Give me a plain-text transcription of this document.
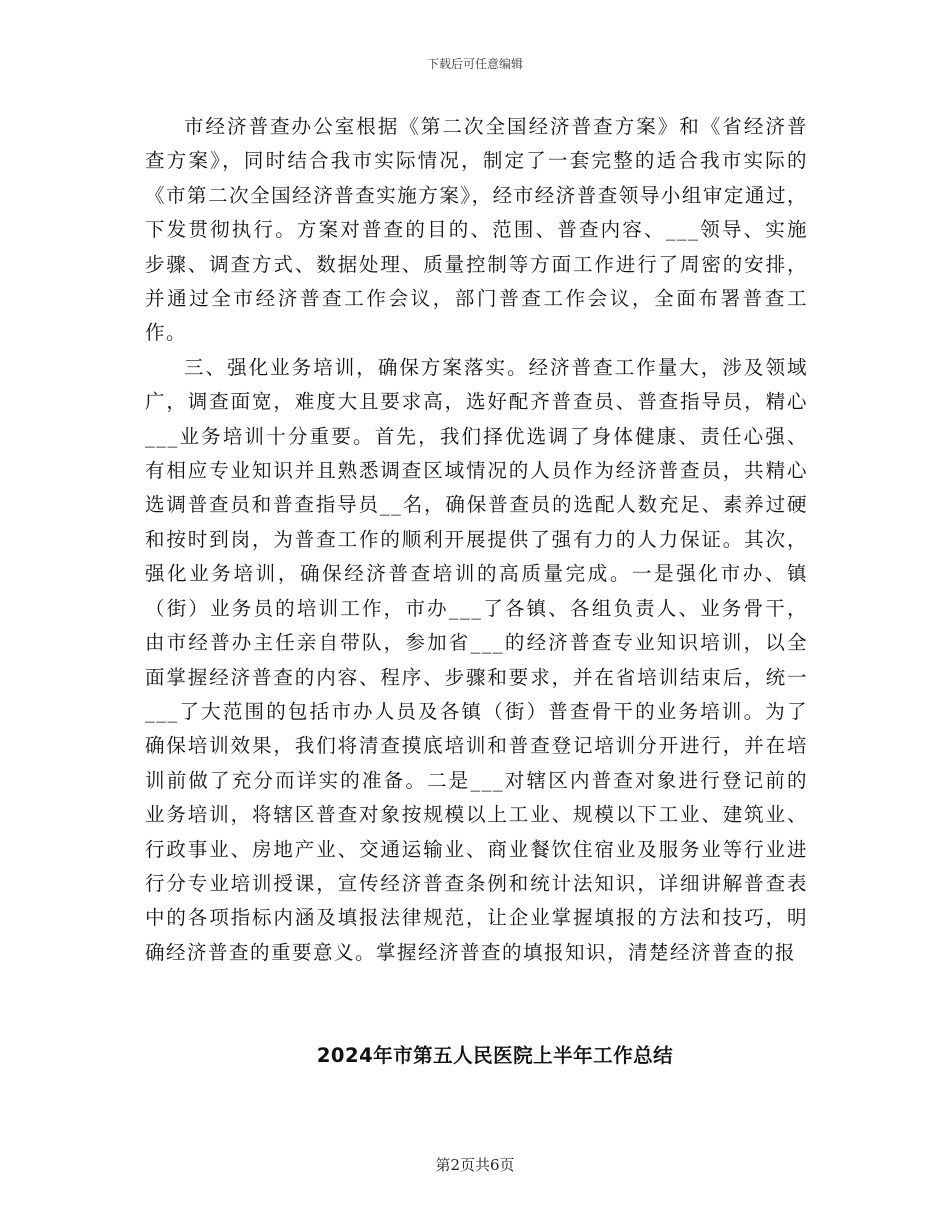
下载后可任意编辑

市经济普查办公室根据《第二次全国经济普查方案》和《省经济普查方案》，同时结合我市实际情况，制定了一套完整的适合我市实际的《市第二次全国经济普查实施方案》，经市经济普查领导小组审定通过，下发贯彻执行。方案对普查的目的、范围、普查内容、___领导、实施步骤、调查方式、数据处理、质量控制等方面工作进行了周密的安排，并通过全市经济普查工作会议，部门普查工作会议，全面布署普查工作。

三、强化业务培训，确保方案落实。经济普查工作量大，涉及领域广，调查面宽，难度大且要求高，选好配齐普查员、普查指导员，精心___业务培训十分重要。首先，我们择优选调了身体健康、责任心强、有相应专业知识并且熟悉调查区域情况的人员作为经济普查员，共精心选调普查员和普查指导员__名，确保普查员的选配人数充足、素养过硬和按时到岗，为普查工作的顺利开展提供了强有力的人力保证。其次，强化业务培训，确保经济普查培训的高质量完成。一是强化市办、镇（街）业务员的培训工作，市办___了各镇、各组负责人、业务骨干，由市经普办主任亲自带队，参加省___的经济普查专业知识培训，以全面掌握经济普查的内容、程序、步骤和要求，并在省培训结束后，统一___了大范围的包括市办人员及各镇（街）普查骨干的业务培训。为了确保培训效果，我们将清查摸底培训和普查登记培训分开进行，并在培训前做了充分而详实的准备。二是___对辖区内普查对象进行登记前的业务培训，将辖区普查对象按规模以上工业、规模以下工业、建筑业、行政事业、房地产业、交通运输业、商业餐饮住宿业及服务业等行业进行分专业培训授课，宣传经济普查条例和统计法知识，详细讲解普查表中的各项指标内涵及填报法律规范，让企业掌握填报的方法和技巧，明确经济普查的重要意义。掌握经济普查的填报知识，清楚经济普查的报

2024年市第五人民医院上半年工作总结
第2页共6页
